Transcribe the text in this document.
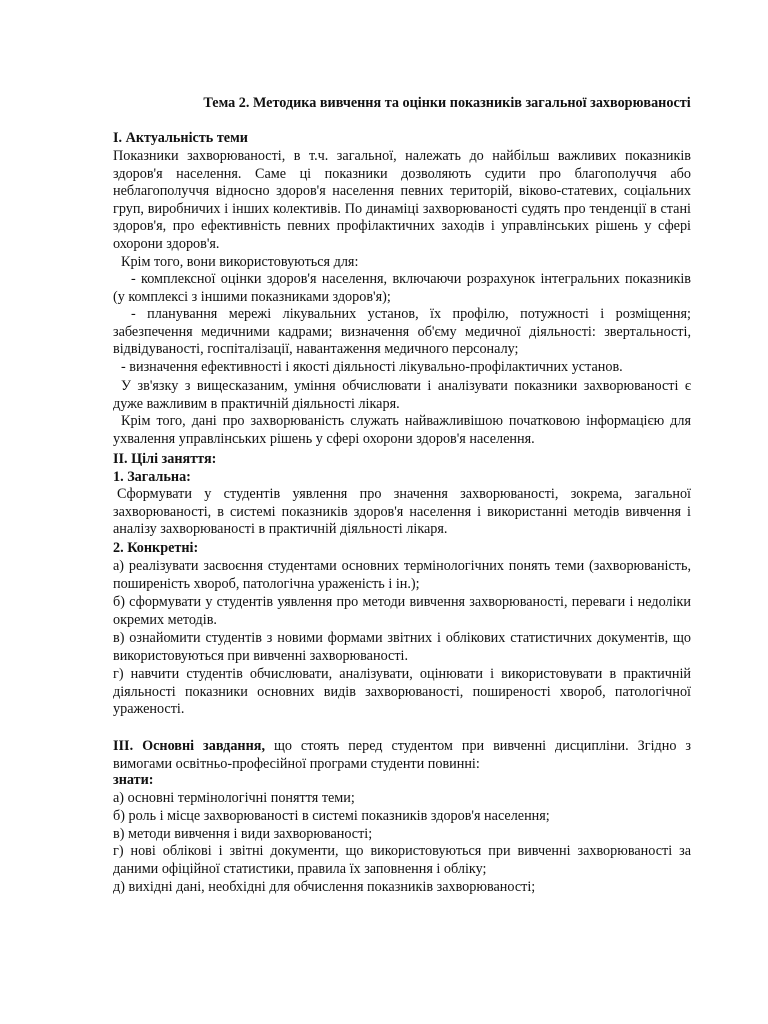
Тема 2. Методика вивчення та оцінки показників загальної захворюваності

I. Актуальність теми

Показники захворюваності, в т.ч. загальної, належать до найбільш важливих показників здоров'я населення. Саме ці показники дозволяють судити про благополуччя або неблагополуччя відносно здоров'я населення певних територій, віково-статевих, соціальних груп, виробничих і інших колективів. По динаміці захворюваності судять про тенденції в стані здоров'я, про ефективність певних профілактичних заходів і управлінських рішень у сфері охорони здоров'я.

Крім того, вони використовуються для:

- комплексної оцінки здоров'я населення, включаючи розрахунок інтегральних показників (у комплексі з іншими показниками здоров'я);

- планування мережі лікувальних установ, їх профілю, потужності і розміщення; забезпечення медичними кадрами; визначення об'єму медичної діяльності: звертальності, відвідуваності, госпіталізації, навантаження медичного персоналу;

- визначення ефективності і якості діяльності лікувально-профілактичних установ.

У зв'язку з вищесказаним, уміння обчислювати і аналізувати показники захворюваності є дуже важливим в практичній діяльності лікаря.

Крім того, дані про захворюваність служать найважливішою початковою інформацією для ухвалення управлінських рішень у сфері охорони здоров'я населення.

II. Цілі заняття:

1. Загальна:

Сформувати у студентів уявлення про значення захворюваності, зокрема, загальної захворюваності, в системі показників здоров'я населення і використанні методів вивчення і аналізу захворюваності в практичній діяльності лікаря.

2. Конкретні:

а) реалізувати засвоєння студентами основних термінологічних понять теми (захворюваність, поширеність хвороб, патологічна ураженість і ін.);

б) сформувати у студентів уявлення про методи вивчення захворюваності, переваги і недоліки окремих методів.

в) ознайомити студентів з новими формами звітних і облікових статистичних документів, що використовуються при вивченні захворюваності.

г) навчити студентів обчислювати, аналізувати, оцінювати і використовувати в практичній діяльності показники основних видів захворюваності, поширеності хвороб, патологічної ураженості.

III. Основні завдання, що стоять перед студентом при вивченні дисципліни. Згідно з вимогами освітньо-професійної програми студенти повинні:

знати:

а) основні термінологічні поняття теми;

б) роль і місце захворюваності в системі показників здоров'я населення;

в) методи вивчення і види захворюваності;

г) нові облікові і звітні документи, що використовуються при вивченні захворюваності за даними офіційної статистики, правила їх заповнення і обліку;

д) вихідні дані, необхідні для обчислення показників захворюваності;
